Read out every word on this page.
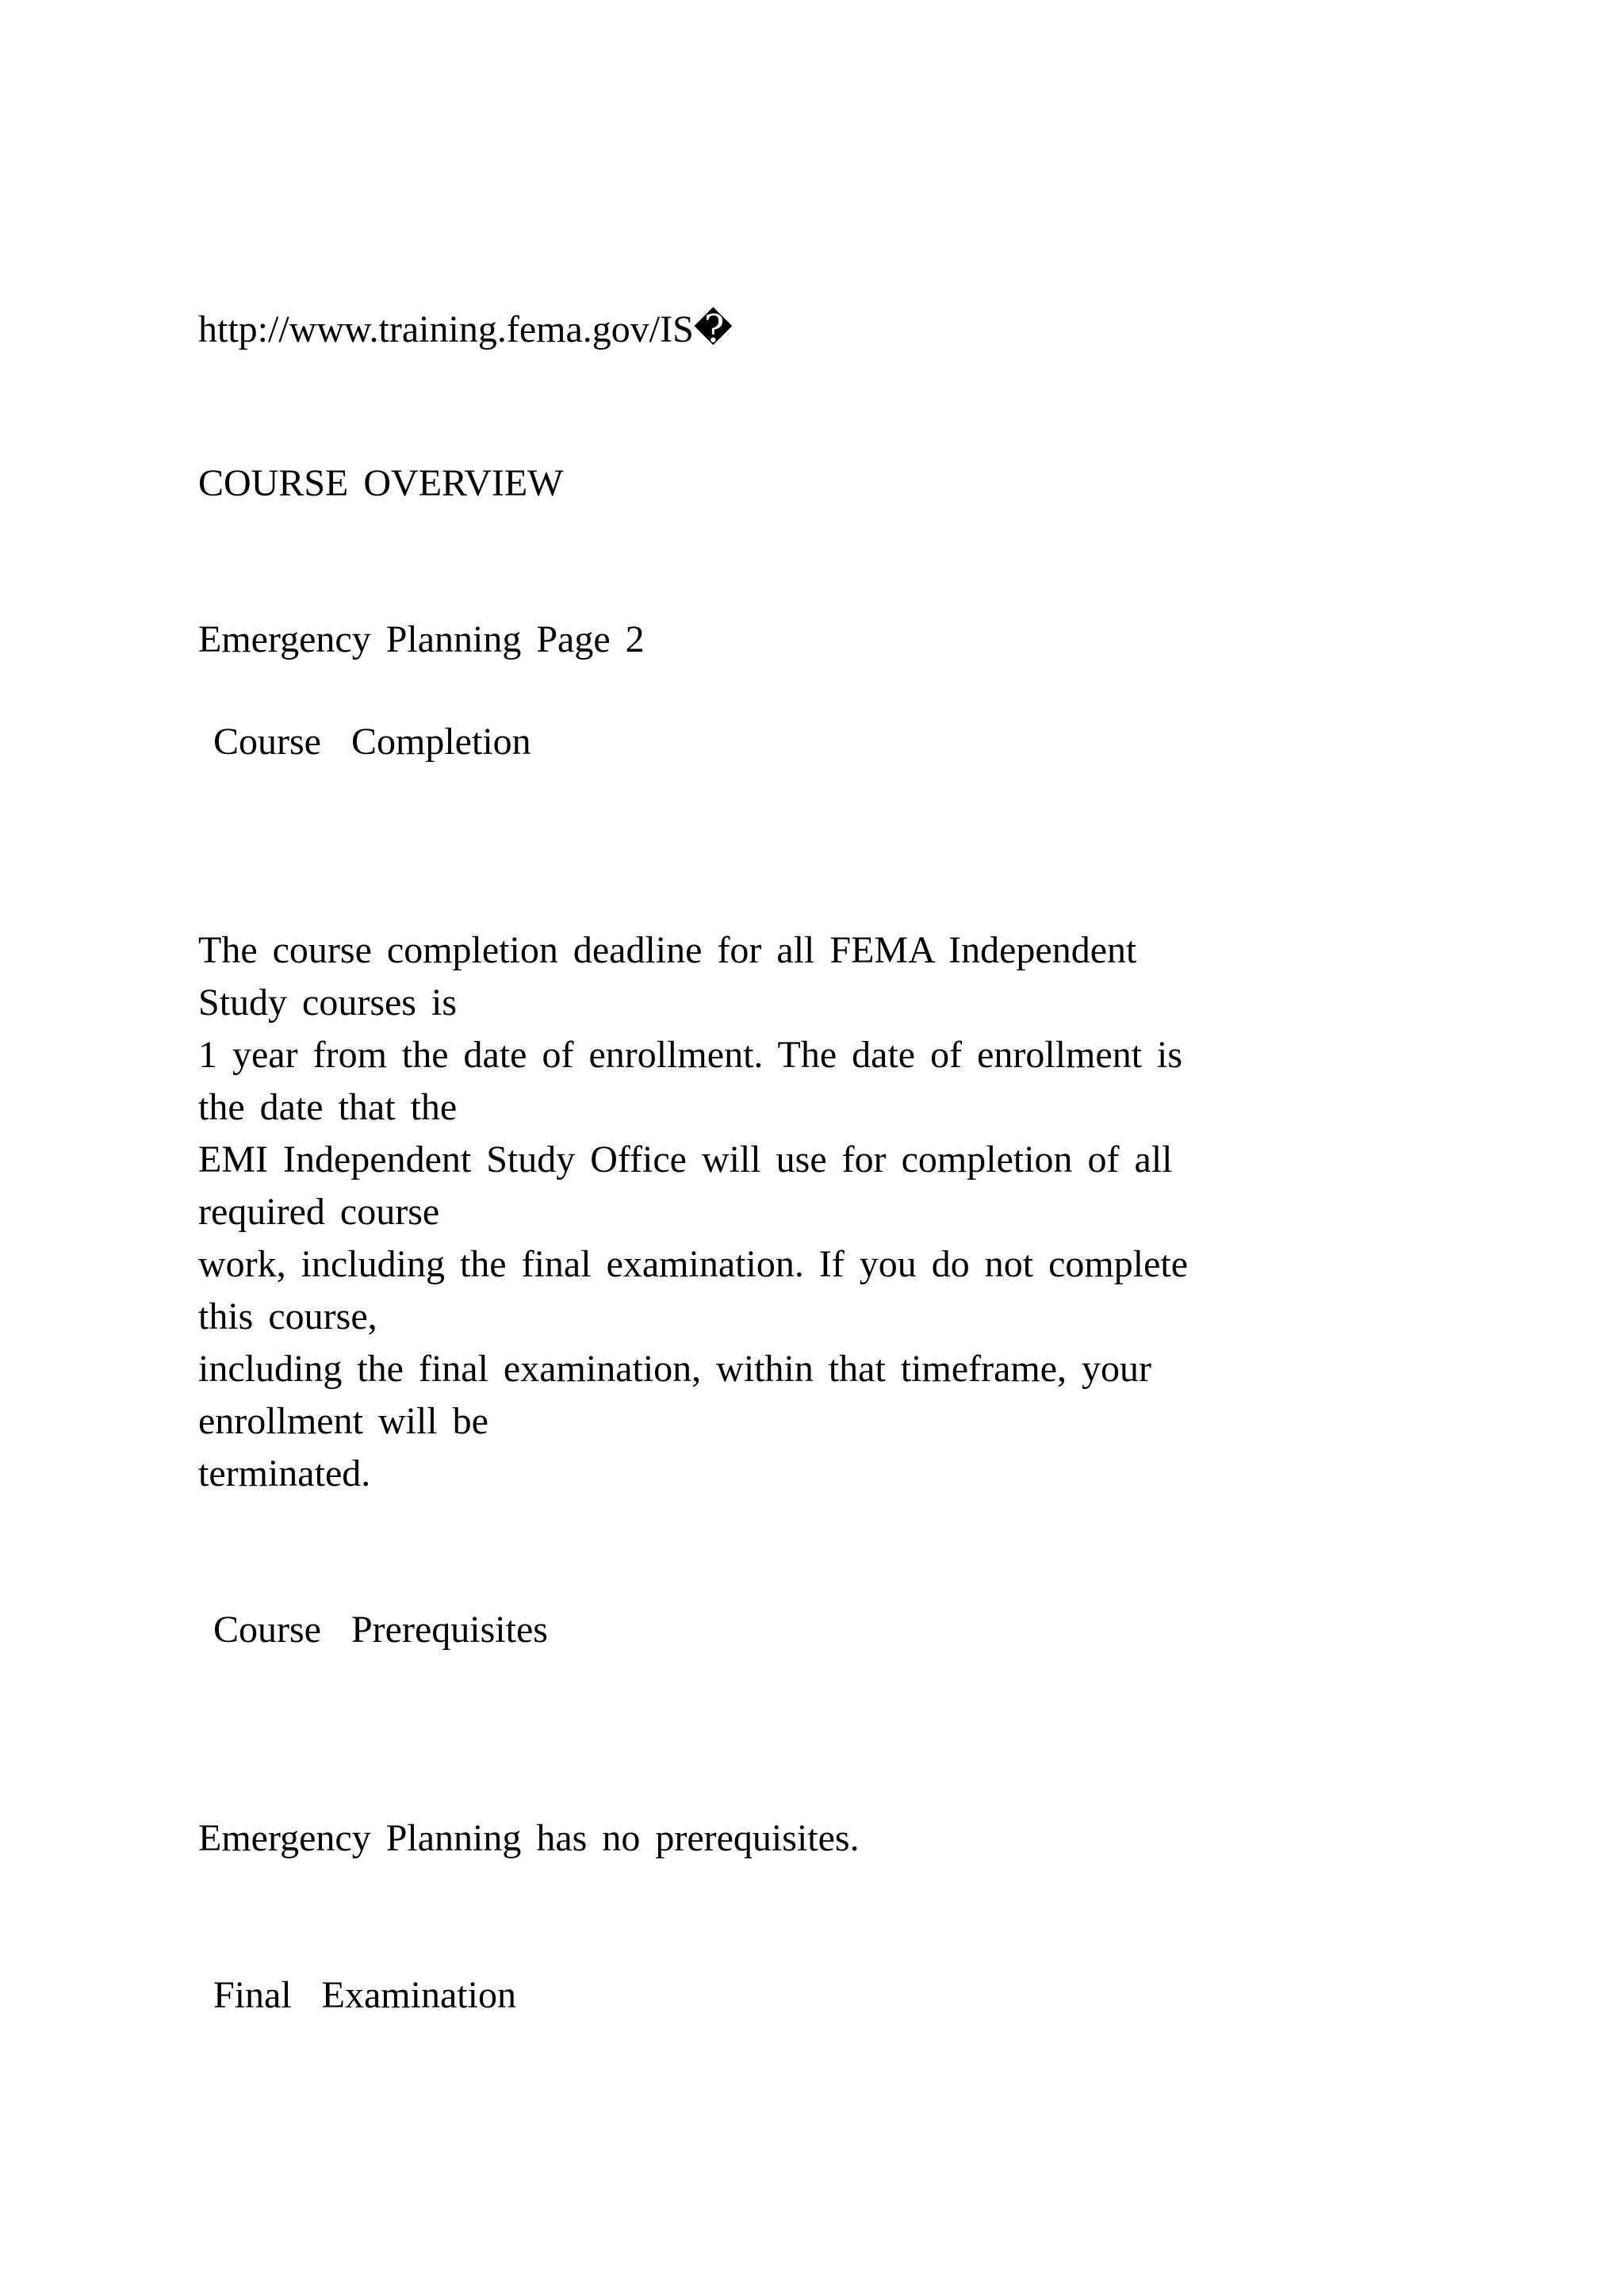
http://www.training.fema.gov/IS�
COURSE OVERVIEW
Emergency Planning Page 2
Course  Completion
The course completion deadline for all FEMA Independent
Study courses is
1 year from the date of enrollment. The date of enrollment is
the date that the
EMI Independent Study Office will use for completion of all
required course
work, including the final examination. If you do not complete
this course,
including the final examination, within that timeframe, your
enrollment will be
terminated.
Course  Prerequisites
Emergency Planning has no prerequisites.
Final  Examination
